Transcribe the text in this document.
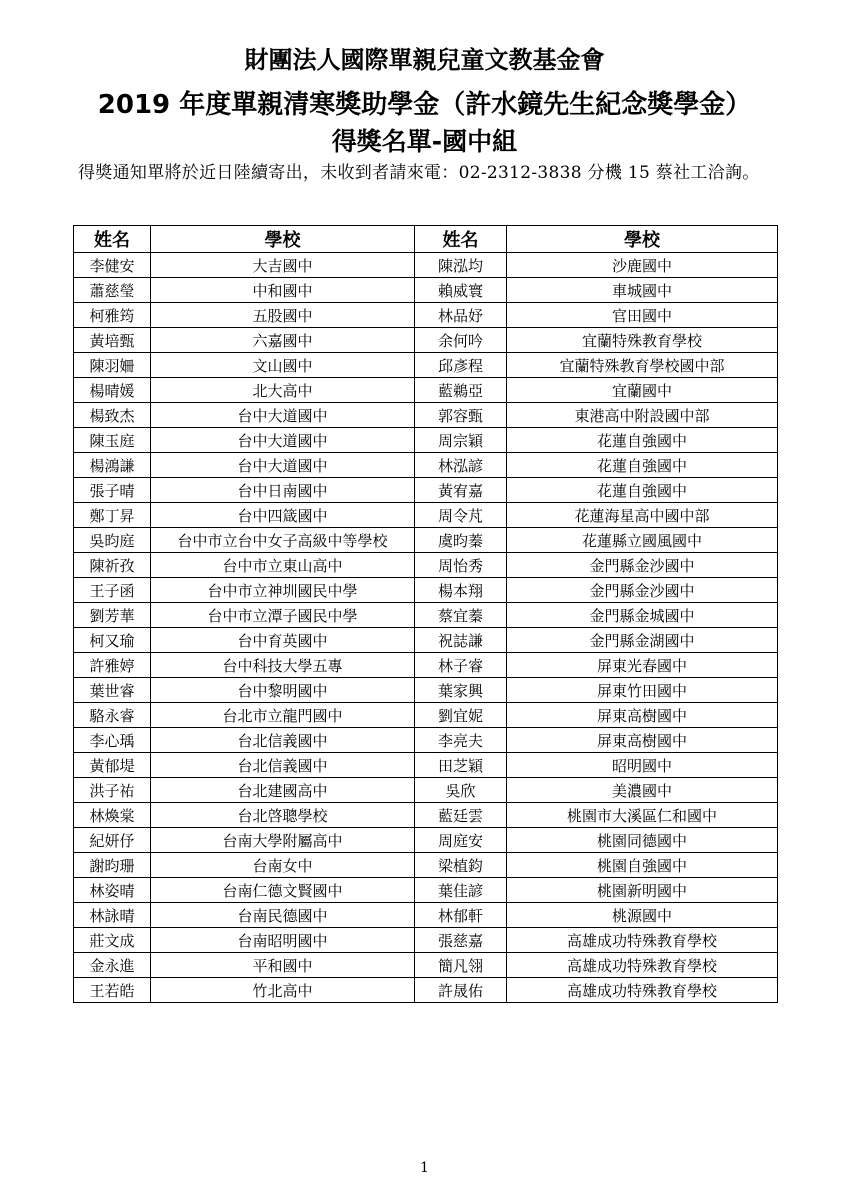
財團法人國際單親兒童文教基金會
2019 年度單親清寒獎助學金（許水鏡先生紀念獎學金）
得獎名單-國中組
得獎通知單將於近日陸續寄出，未收到者請來電：02-2312-3838 分機 15 蔡社工洽詢。
姓名	學校	姓名	學校
李健安	大吉國中	陳泓均	沙鹿國中
蕭慈瑩	中和國中	賴威寰	車城國中
柯雅筠	五股國中	林品妤	官田國中
黃培甄	六嘉國中	余何吟	宜蘭特殊教育學校
陳羽姍	文山國中	邱彥程	宜蘭特殊教育學校國中部
楊晴媛	北大高中	藍鵜亞	宜蘭國中
楊致杰	台中大道國中	郭容甄	東港高中附設國中部
陳玉庭	台中大道國中	周宗穎	花蓮自強國中
楊鴻謙	台中大道國中	林泓諺	花蓮自強國中
張子晴	台中日南國中	黃宥嘉	花蓮自強國中
鄭丁昇	台中四箴國中	周令芃	花蓮海星高中國中部
吳昀庭	台中市立台中女子高級中等學校	虞昀蓁	花蓮縣立國風國中
陳祈孜	台中市立東山高中	周怡秀	金門縣金沙國中
王子函	台中市立神圳國民中學	楊本翔	金門縣金沙國中
劉芳華	台中市立潭子國民中學	蔡宜蓁	金門縣金城國中
柯又瑜	台中育英國中	祝誌謙	金門縣金湖國中
許雅婷	台中科技大學五專	林子睿	屏東光春國中
葉世睿	台中黎明國中	葉家興	屏東竹田國中
駱永睿	台北市立龍門國中	劉宜妮	屏東高樹國中
李心瑀	台北信義國中	李亮夫	屏東高樹國中
黃郁堤	台北信義國中	田芝穎	昭明國中
洪子祐	台北建國高中	吳欣	美濃國中
林煥棠	台北啓聰學校	藍廷雲	桃園市大溪區仁和國中
紀妍伃	台南大學附屬高中	周庭安	桃園同德國中
謝昀珊	台南女中	梁植鈞	桃園自強國中
林姿晴	台南仁德文賢國中	葉佳諺	桃園新明國中
林詠晴	台南民德國中	林郁軒	桃源國中
莊文成	台南昭明國中	張慈嘉	高雄成功特殊教育學校
金永進	平和國中	簡凡翎	高雄成功特殊教育學校
王若皓	竹北高中	許晟佑	高雄成功特殊教育學校
1
